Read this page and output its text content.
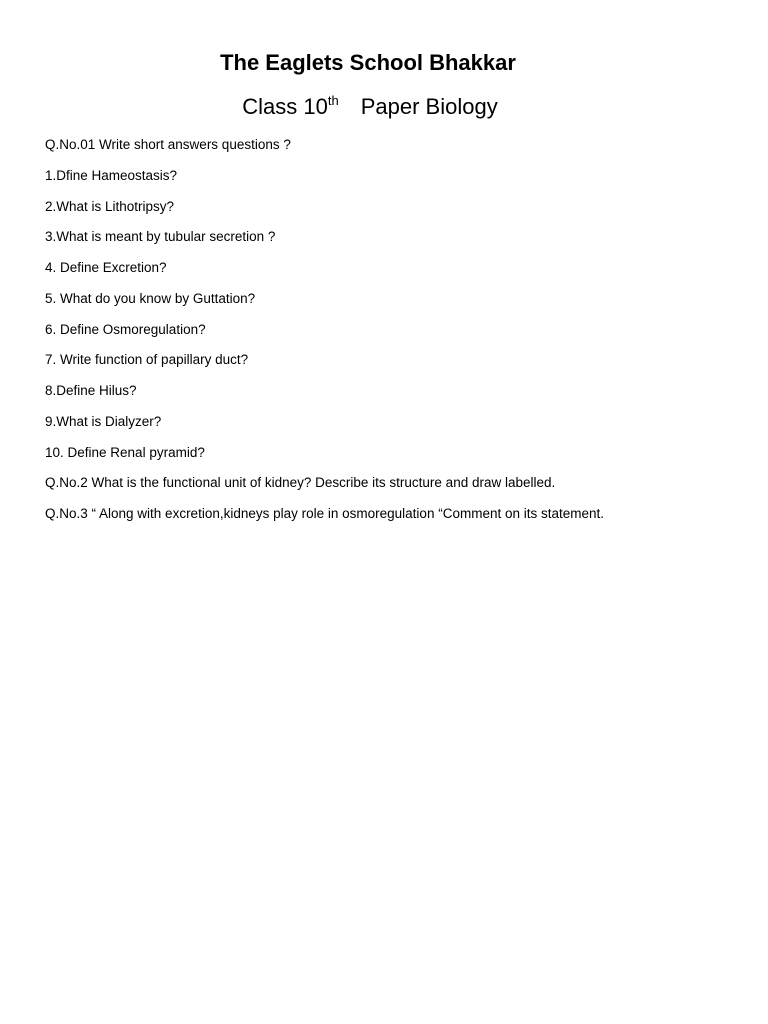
The Eaglets School Bhakkar
Class 10th Paper Biology
Q.No.01 Write short answers questions ?
1.Dfine Hameostasis?
2.What is Lithotripsy?
3.What is meant by tubular secretion ?
4. Define Excretion?
5. What do you know by Guttation?
6. Define Osmoregulation?
7. Write function of papillary duct?
8.Define Hilus?
9.What is Dialyzer?
10. Define Renal pyramid?
Q.No.2 What is the functional unit of kidney? Describe its structure and draw labelled.
Q.No.3 “ Along with excretion,kidneys play role in osmoregulation “Comment on its statement.
